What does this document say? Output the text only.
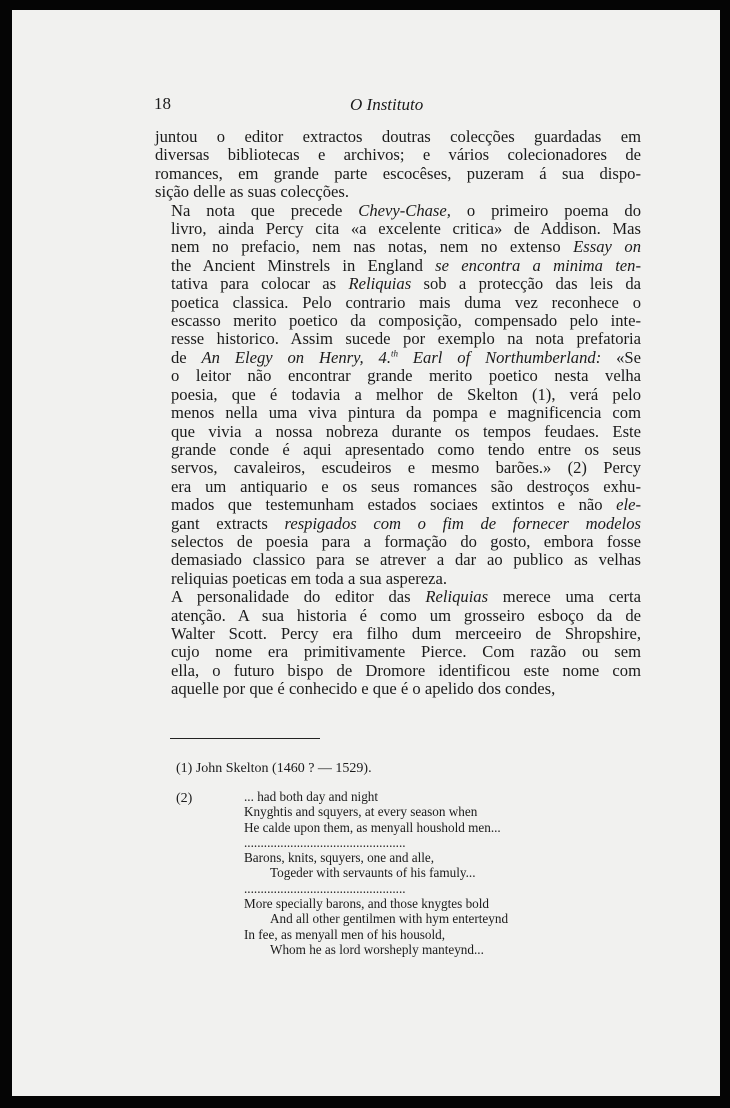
18	O Instituto

juntou o editor extractos doutras colecções guardadas em
diversas bibliotecas e archivos; e vários colecionadores de
romances, em grande parte escocêses, puzeram á sua dispo-
sição delle as suas colecções.

Na nota que precede Chevy-Chase, o primeiro poema do
livro, ainda Percy cita «a excelente critica» de Addison. Mas
nem no prefacio, nem nas notas, nem no extenso Essay on
the Ancient Minstrels in England se encontra a minima ten-
tativa para colocar as Reliquias sob a protecção das leis da
poetica classica. Pelo contrario mais duma vez reconhece o
escasso merito poetico da composição, compensado pelo inte-
resse historico. Assim sucede por exemplo na nota prefatoria
de An Elegy on Henry, 4.$^{th}$ Earl of Northumberland: «Se
o leitor não encontrar grande merito poetico nesta velha
poesia, que é todavia a melhor de Skelton (1), verá pelo
menos nella uma viva pintura da pompa e magnificencia com
que vivia a nossa nobreza durante os tempos feudaes. Este
grande conde é aqui apresentado como tendo entre os seus
servos, cavaleiros, escudeiros e mesmo barões.» (2) Percy
era um antiquario e os seus romances são destroços exhu-
mados que testemunham estados sociaes extintos e não ele-
gant extracts respigados com o fim de fornecer modelos
selectos de poesia para a formação do gosto, embora fosse
demasiado classico para se atrever a dar ao publico as velhas
reliquias poeticas em toda a sua aspereza.

A personalidade do editor das Reliquias merece uma certa
atenção. A sua historia é como um grosseiro esboço da de
Walter Scott. Percy era filho dum merceeiro de Shropshire,
cujo nome era primitivamente Pierce. Com razão ou sem
ella, o futuro bispo de Dromore identificou este nome com
aquelle por que é conhecido e que é o apelido dos condes,

(1) John Skelton (1460 ? — 1529).
(2)	... had both day and night
Knyghtis and squyers, at every season when
He calde upon them, as menyall houshold men...
.................................................
Barons, knits, squyers, one and alle,
Togeder with servaunts of his famuly...
.................................................
More specially barons, and those knygtes bold
And all other gentilmen with hym enterteynd
In fee, as menyall men of his housold,
Whom he as lord worsheply manteynd...
